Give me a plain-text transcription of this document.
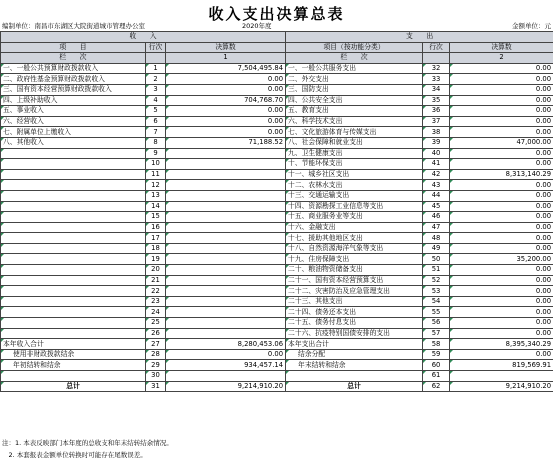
收入支出决算总表
编制单位：南昌市东湖区大院街道城市管理办公室	2020年度	金额单位：元
收　　入			支　　出		
项　　目	行次	决算数	项目（按功能分类）	行次	决算数
栏　　次		1	栏　　次		2
一、一般公共预算财政拨款收入	1	7,504,495.84	一、一般公共服务支出	32	0.00
二、政府性基金预算财政拨款收入	2	0.00	二、外交支出	33	0.00
三、国有资本经营预算财政拨款收入	3	0.00	三、国防支出	34	0.00
四、上级补助收入	4	704,768.70	四、公共安全支出	35	0.00
五、事业收入	5	0.00	五、教育支出	36	0.00
六、经营收入	6	0.00	六、科学技术支出	37	0.00
七、附属单位上缴收入	7	0.00	七、文化旅游体育与传媒支出	38	0.00
八、其他收入	8	71,188.52	八、社会保障和就业支出	39	47,000.00
	9		九、卫生健康支出	40	0.00
	10		十、节能环保支出	41	0.00
	11		十一、城乡社区支出	42	8,313,140.29
	12		十二、农林水支出	43	0.00
	13		十三、交通运输支出	44	0.00
	14		十四、资源勘探工业信息等支出	45	0.00
	15		十五、商业服务业等支出	46	0.00
	16		十六、金融支出	47	0.00
	17		十七、援助其他地区支出	48	0.00
	18		十八、自然资源海洋气象等支出	49	0.00
	19		十九、住房保障支出	50	35,200.00
	20		二十、粮油物资储备支出	51	0.00
	21		二十一、国有资本经营预算支出	52	0.00
	22		二十二、灾害防治及应急管理支出	53	0.00
	23		二十三、其他支出	54	0.00
	24		二十四、债务还本支出	55	0.00
	25		二十五、债务付息支出	56	0.00
	26		二十六、抗疫特别国债安排的支出	57	0.00
本年收入合计	27	8,280,453.06	本年支出合计	58	8,395,340.29
使用非财政拨款结余	28	0.00	结余分配	59	0.00
年初结转和结余	29	934,457.14	年末结转和结余	60	819,569.91
	30			61	
总计	31	9,214,910.20	总计	62	9,214,910.20
注：1. 本表反映部门本年度的总收支和年末结转结余情况。
　2. 本套报表金额单位转换时可能存在尾数误差。
